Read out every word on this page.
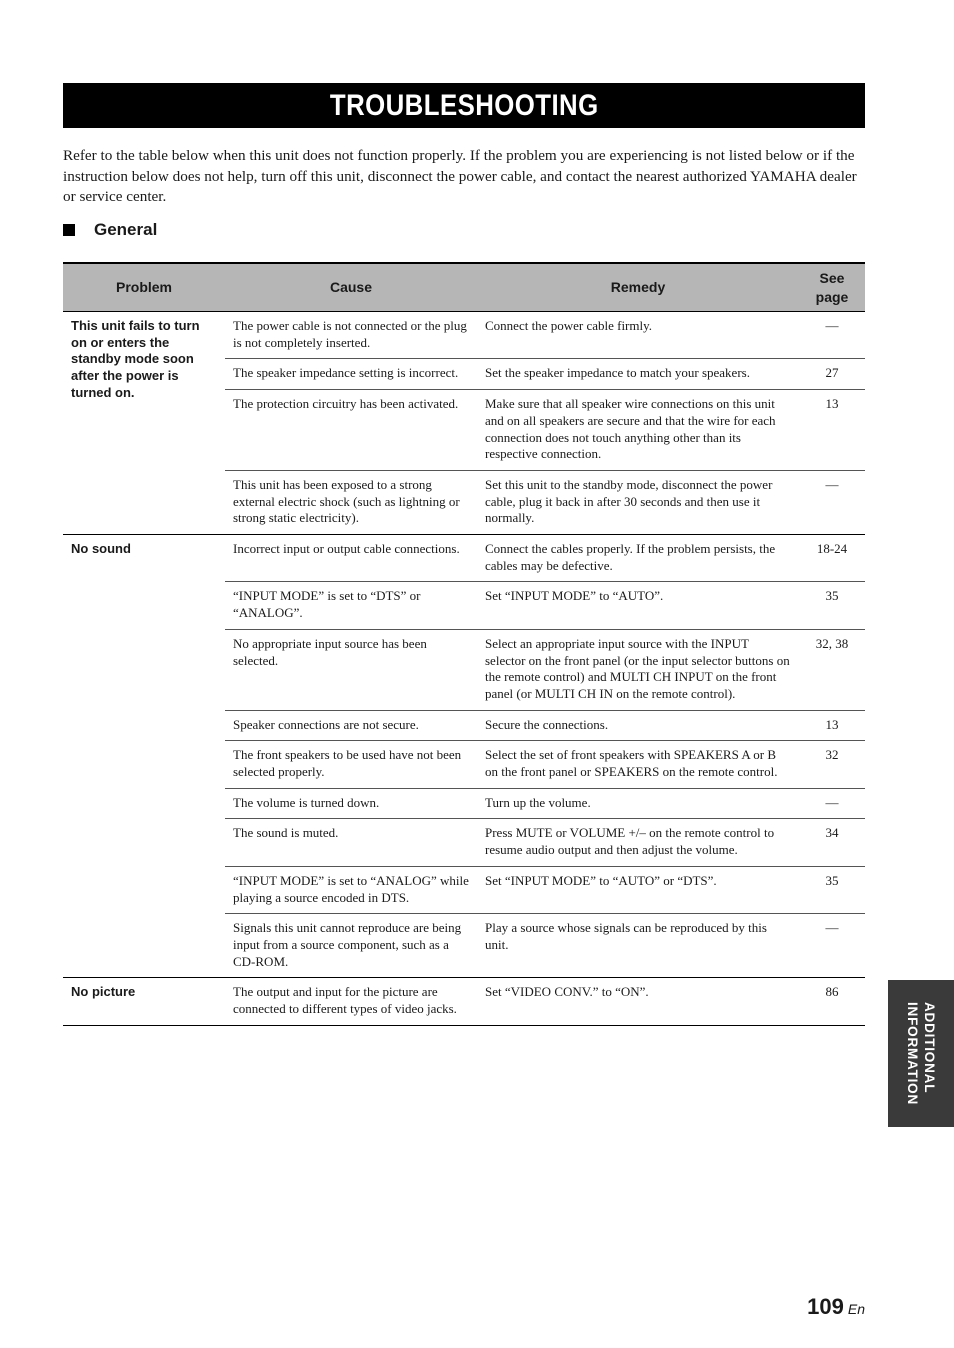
TROUBLESHOOTING

Refer to the table below when this unit does not function properly. If the problem you are experiencing is not listed below or if the instruction below does not help, turn off this unit, disconnect the power cable, and contact the nearest authorized YAMAHA dealer or service center.

General
Problem	Cause	Remedy	See page
This unit fails to turn on or enters the standby mode soon after the power is turned on.	The power cable is not connected or the plug is not completely inserted.	Connect the power cable firmly.	—
	The speaker impedance setting is incorrect.	Set the speaker impedance to match your speakers.	27
	The protection circuitry has been activated.	Make sure that all speaker wire connections on this unit and on all speakers are secure and that the wire for each connection does not touch anything other than its respective connection.	13
	This unit has been exposed to a strong external electric shock (such as lightning or strong static electricity).	Set this unit to the standby mode, disconnect the power cable, plug it back in after 30 seconds and then use it normally.	—
No sound	Incorrect input or output cable connections.	Connect the cables properly. If the problem persists, the cables may be defective.	18-24
	“INPUT MODE” is set to “DTS” or “ANALOG”.	Set “INPUT MODE” to “AUTO”.	35
	No appropriate input source has been selected.	Select an appropriate input source with the INPUT selector on the front panel (or the input selector buttons on the remote control) and MULTI CH INPUT on the front panel (or MULTI CH IN on the remote control).	32, 38
	Speaker connections are not secure.	Secure the connections.	13
	The front speakers to be used have not been selected properly.	Select the set of front speakers with SPEAKERS A or B on the front panel or SPEAKERS on the remote control.	32
	The volume is turned down.	Turn up the volume.	—
	The sound is muted.	Press MUTE or VOLUME +/– on the remote control to resume audio output and then adjust the volume.	34
	“INPUT MODE” is set to “ANALOG” while playing a source encoded in DTS.	Set “INPUT MODE” to “AUTO” or “DTS”.	35
	Signals this unit cannot reproduce are being input from a source component, such as a CD-ROM.	Play a source whose signals can be reproduced by this unit.	—
No picture	The output and input for the picture are connected to different types of video jacks.	Set “VIDEO CONV.” to “ON”.	86
ADDITIONAL
INFORMATION
109 En
